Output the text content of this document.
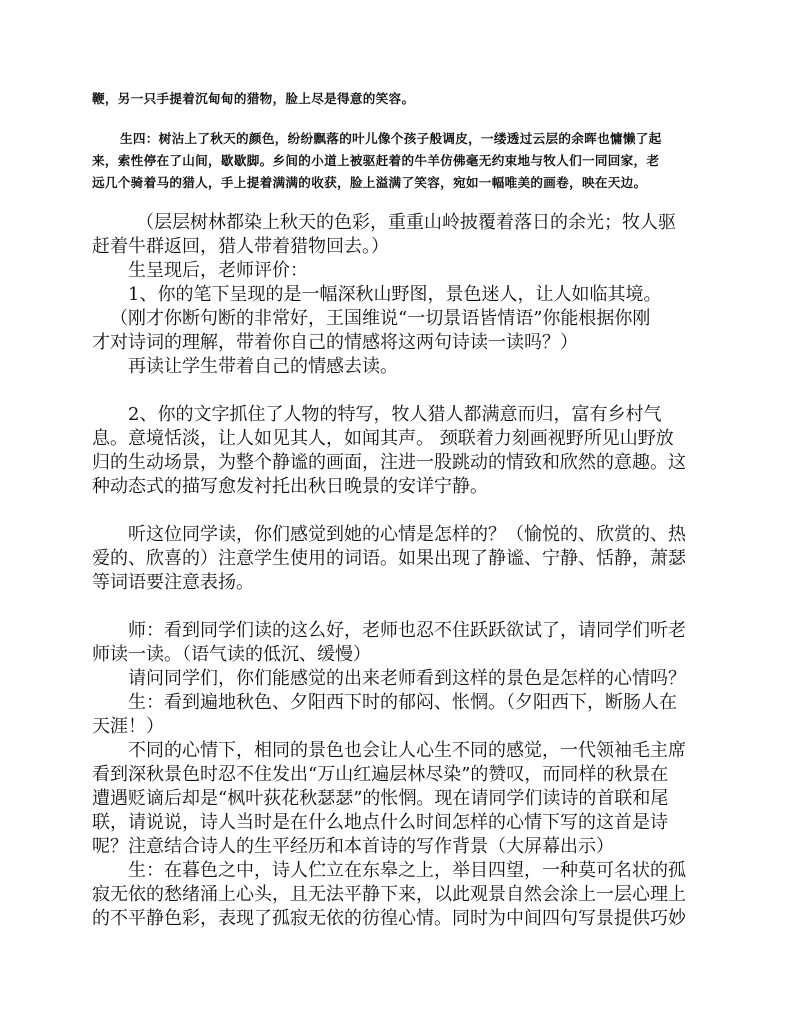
鞭，另一只手提着沉甸甸的猎物，脸上尽是得意的笑容。
生四：树沾上了秋天的颜色，纷纷飘落的叶儿像个孩子般调皮，一缕透过云层的余晖也慵懒了起
来，索性停在了山间，歇歇脚。乡间的小道上被驱赶着的牛羊仿佛毫无约束地与牧人们一同回家，老
远几个骑着马的猎人，手上提着满满的收获，脸上溢满了笑容，宛如一幅唯美的画卷，映在天边。
（层层树林都染上秋天的色彩，重重山岭披覆着落日的余光；牧人驱
赶着牛群返回，猎人带着猎物回去。）
生呈现后，老师评价：
1、你的笔下呈现的是一幅深秋山野图，景色迷人，让人如临其境。
（刚才你断句断的非常好，王国维说“一切景语皆情语”你能根据你刚
才对诗词的理解，带着你自己的情感将这两句诗读一读吗？）
再读让学生带着自己的情感去读。
2、你的文字抓住了人物的特写，牧人猎人都满意而归，富有乡村气
息。意境恬淡，让人如见其人，如闻其声。 颈联着力刻画视野所见山野放
归的生动场景，为整个静谧的画面，注进一股跳动的情致和欣然的意趣。这
种动态式的描写愈发衬托出秋日晚景的安详宁静。
听这位同学读，你们感觉到她的心情是怎样的？（愉悦的、欣赏的、热
爱的、欣喜的）注意学生使用的词语。如果出现了静谧、宁静、恬静，萧瑟
等词语要注意表扬。
师：看到同学们读的这么好，老师也忍不住跃跃欲试了，请同学们听老
师读一读。（语气读的低沉、缓慢）
请问同学们，你们能感觉的出来老师看到这样的景色是怎样的心情吗？
生：看到遍地秋色、夕阳西下时的郁闷、怅惘。（夕阳西下，断肠人在
天涯！）
不同的心情下，相同的景色也会让人心生不同的感觉，一代领袖毛主席
看到深秋景色时忍不住发出“万山红遍层林尽染”的赞叹，而同样的秋景在
遭遇贬谪后却是“枫叶荻花秋瑟瑟”的怅惘。现在请同学们读诗的首联和尾
联，请说说，诗人当时是在什么地点什么时间怎样的心情下写的这首是诗
呢？注意结合诗人的生平经历和本首诗的写作背景（大屏幕出示）
生：在暮色之中，诗人伫立在东皋之上，举目四望，一种莫可名状的孤
寂无依的愁绪涌上心头，且无法平静下来，以此观景自然会涂上一层心理上
的不平静色彩，表现了孤寂无依的彷徨心情。同时为中间四句写景提供巧妙
